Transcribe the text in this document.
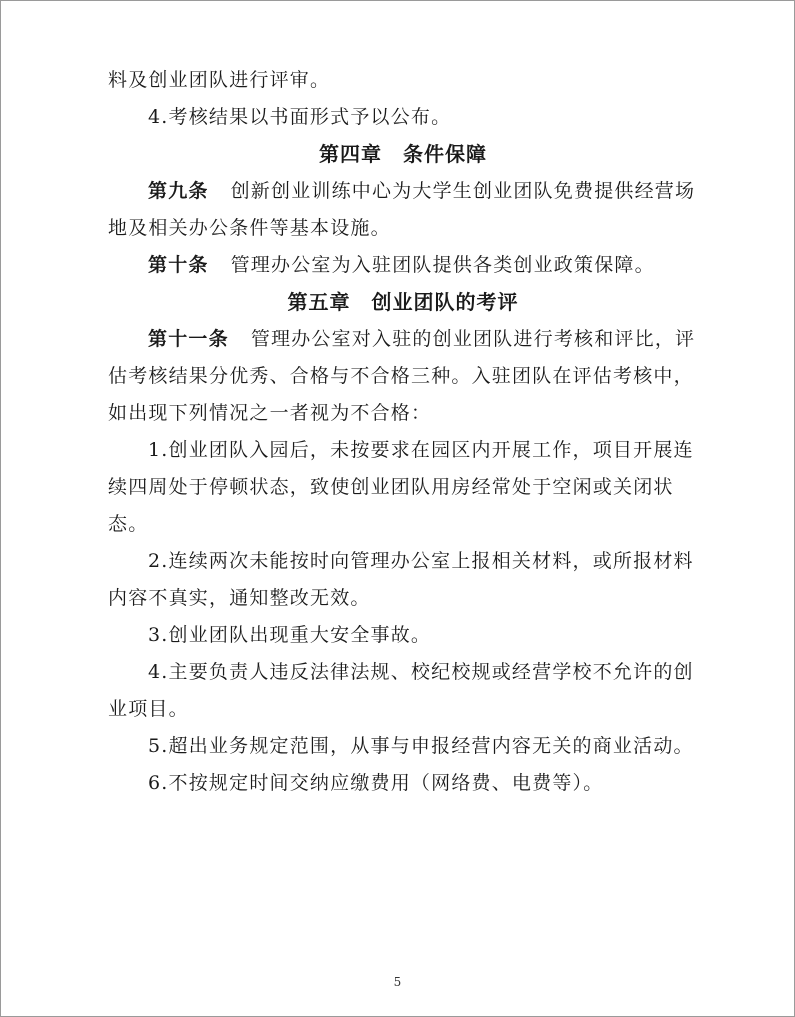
料及创业团队进行评审。

4.考核结果以书面形式予以公布。

第四章　条件保障

第九条 创新创业训练中心为大学生创业团队免费提供经营场地及相关办公条件等基本设施。

第十条 管理办公室为入驻团队提供各类创业政策保障。

第五章　创业团队的考评

第十一条 管理办公室对入驻的创业团队进行考核和评比，评估考核结果分优秀、合格与不合格三种。入驻团队在评估考核中，如出现下列情况之一者视为不合格：

1.创业团队入园后，未按要求在园区内开展工作，项目开展连续四周处于停顿状态，致使创业团队用房经常处于空闲或关闭状态。

2.连续两次未能按时向管理办公室上报相关材料，或所报材料内容不真实，通知整改无效。

3.创业团队出现重大安全事故。

4.主要负责人违反法律法规、校纪校规或经营学校不允许的创业项目。

5.超出业务规定范围，从事与申报经营内容无关的商业活动。

6.不按规定时间交纳应缴费用（网络费、电费等）。

5
